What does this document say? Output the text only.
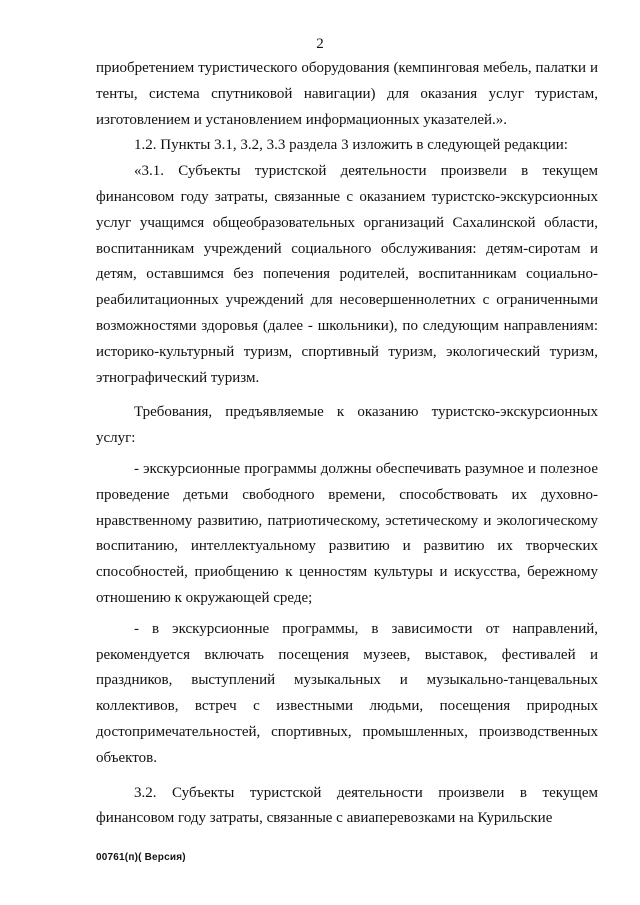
2

приобретением туристического оборудования (кемпинговая мебель, палатки и тенты, система спутниковой навигации) для оказания услуг туристам, изготовлением и установлением информационных указателей.».

1.2. Пункты 3.1, 3.2, 3.3 раздела 3 изложить в следующей редакции:

«3.1. Субъекты туристской деятельности произвели в текущем финансовом году затраты, связанные с оказанием туристско-экскурсионных услуг учащимся общеобразовательных организаций Сахалинской области, воспитанникам учреждений социального обслуживания: детям-сиротам и детям, оставшимся без попечения родителей, воспитанникам социально-реабилитационных учреждений для несовершеннолетних с ограниченными возможностями здоровья (далее - школьники), по следующим направлениям: историко-культурный туризм, спортивный туризм, экологический туризм, этнографический туризм.

Требования, предъявляемые к оказанию туристско-экскурсионных услуг:

- экскурсионные программы должны обеспечивать разумное и полезное проведение детьми свободного времени, способствовать их духовно-нравственному развитию, патриотическому, эстетическому и экологическому воспитанию, интеллектуальному развитию и развитию их творческих способностей, приобщению к ценностям культуры и искусства, бережному отношению к окружающей среде;

- в экскурсионные программы, в зависимости от направлений, рекомендуется включать посещения музеев, выставок, фестивалей и праздников, выступлений музыкальных и музыкально-танцевальных коллективов, встреч с известными людьми, посещения природных достопримечательностей, спортивных, промышленных, производственных объектов.

3.2. Субъекты туристской деятельности произвели в текущем финансовом году затраты, связанные с авиаперевозками на Курильские

00761(п)( Версия)
